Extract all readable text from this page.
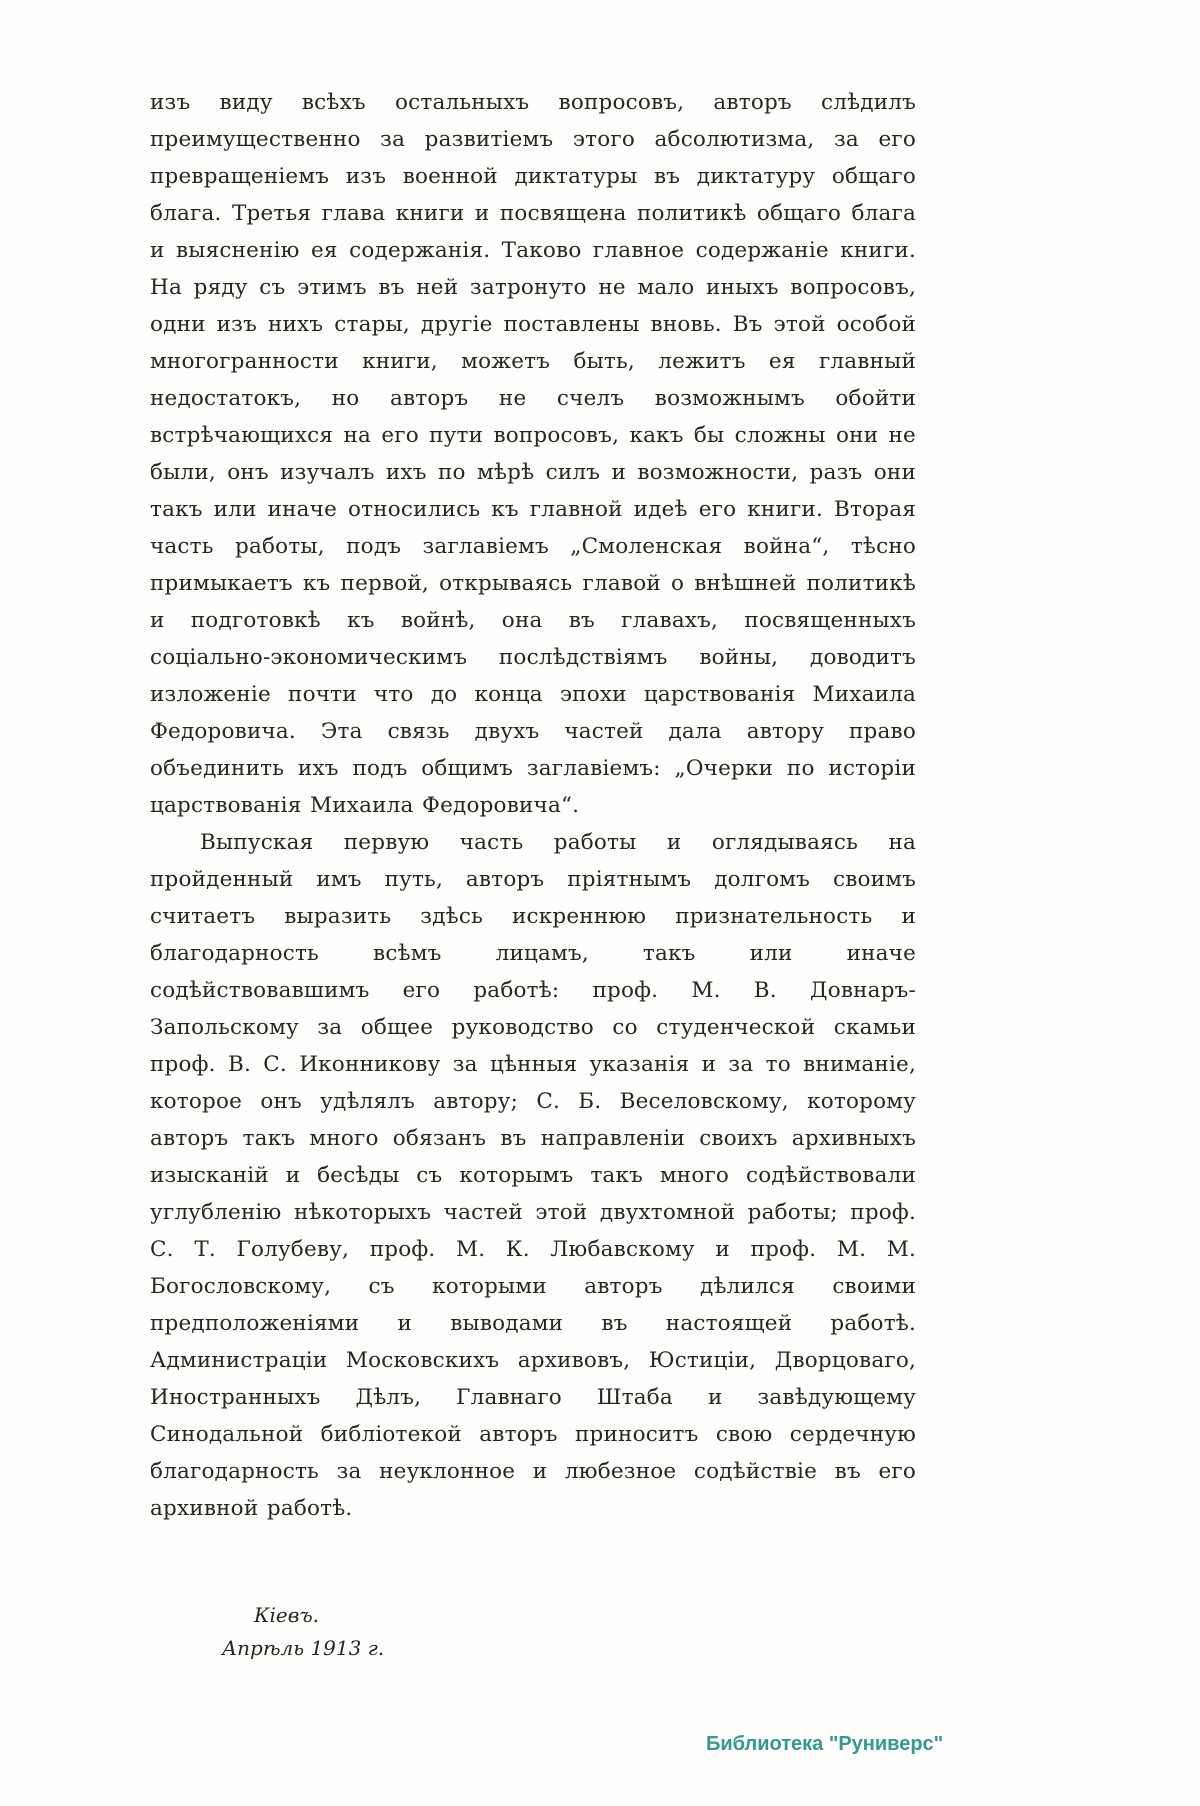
изъ виду всѣхъ остальныхъ вопросовъ, авторъ слѣдилъ преимущественно за развитіемъ этого абсолютизма, за его превращеніемъ изъ военной диктатуры въ диктатуру общаго блага. Третья глава книги и посвящена политикѣ общаго блага и выясненію ея содержанія. Таково главное содержаніе книги. На ряду съ этимъ въ ней затронуто не мало иныхъ вопросовъ, одни изъ нихъ стары, другіе поставлены вновь. Въ этой особой многогранности книги, можетъ быть, лежитъ ея главный недостатокъ, но авторъ не счелъ возможнымъ обойти встрѣчающихся на его пути вопросовъ, какъ бы сложны они не были, онъ изучалъ ихъ по мѣрѣ силъ и возможности, разъ они такъ или иначе относились къ главной идеѣ его книги. Вторая часть работы, подъ заглавіемъ „Смоленская война“, тѣсно примыкаетъ къ первой, открываясь главой о внѣшней политикѣ и подготовкѣ къ войнѣ, она въ главахъ, посвященныхъ соціально-экономическимъ послѣдствіямъ войны, доводитъ изложеніе почти что до конца эпохи царствованія Михаила Федоровича. Эта связь двухъ частей дала автору право объединить ихъ подъ общимъ заглавіемъ: „Очерки по исторіи царствованія Михаила Федоровича“.

Выпуская первую часть работы и оглядываясь на пройденный имъ путь, авторъ пріятнымъ долгомъ своимъ считаетъ выразить здѣсь искреннюю признательность и благодарность всѣмъ лицамъ, такъ или иначе содѣйствовавшимъ его работѣ: проф. М. В. Довнаръ-Запольскому за общее руководство со студенческой скамьи проф. В. С. Иконникову за цѣнныя указанія и за то вниманіе, которое онъ удѣлялъ автору; С. Б. Веселовскому, которому авторъ такъ много обязанъ въ направленіи своихъ архивныхъ изысканій и бесѣды съ которымъ такъ много содѣйствовали углубленію нѣкоторыхъ частей этой двухтомной работы; проф. С. Т. Голубеву, проф. М. К. Любавскому и проф. М. М. Богословскому, съ которыми авторъ дѣлился своими предположеніями и выводами въ настоящей работѣ. Администраціи Московскихъ архивовъ, Юстиціи, Дворцоваго, Иностранныхъ Дѣлъ, Главнаго Штаба и завѣдующему Синодальной библіотекой авторъ приноситъ свою сердечную благодарность за неуклонное и любезное содѣйствіе въ его архивной работѣ.

Кіевъ.
Апрѣль 1913 г.
Библиотека "Руниверс"
